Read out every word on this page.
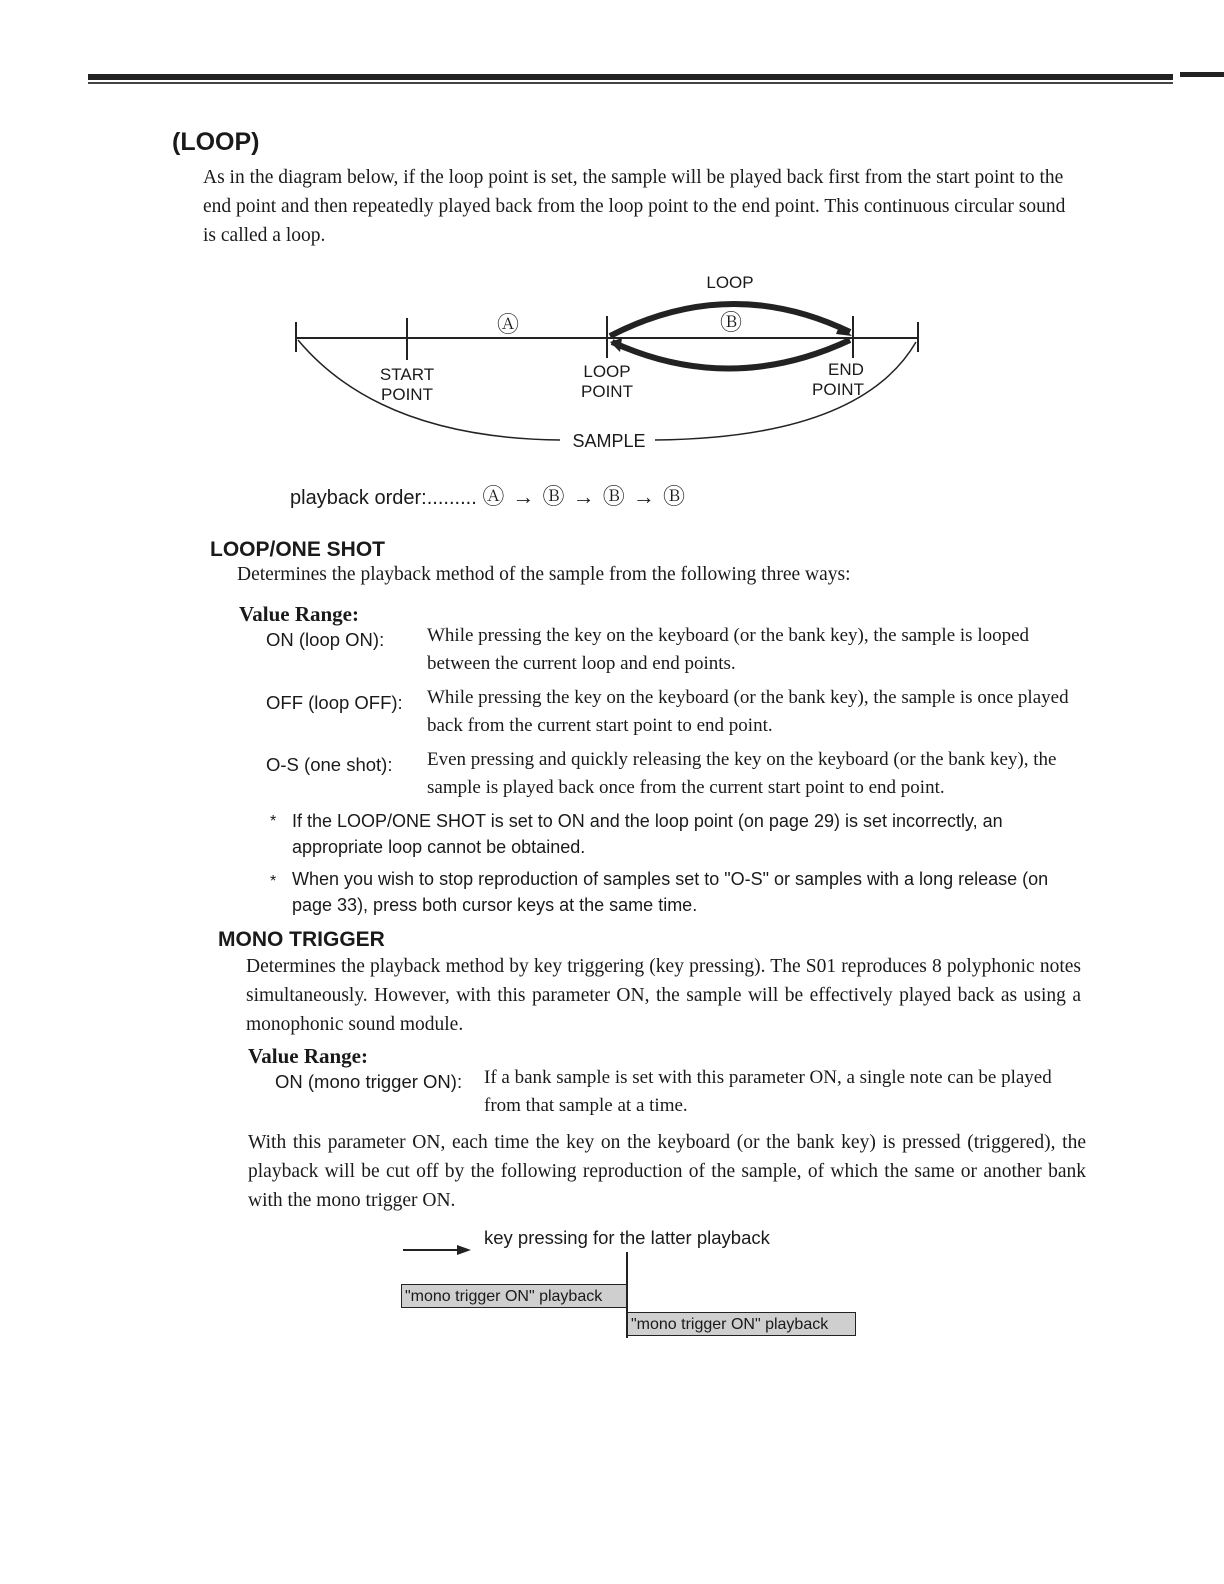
(LOOP)
As in the diagram below, if the loop point is set, the sample will be played back first from the start point to the end point and then repeatedly played back from the loop point to the end point. This continuous circular sound is called a loop.
LOOP
Ⓐ	Ⓑ
START
POINT
LOOP
POINT
END
POINT
SAMPLE
playback order:......... Ⓐ → Ⓑ → Ⓑ → Ⓑ
LOOP/ONE SHOT
Determines the playback method of the sample from the following three ways:
Value Range:
ON (loop ON): While pressing the key on the keyboard (or the bank key), the sample is looped between the current loop and end points.
OFF (loop OFF): While pressing the key on the keyboard (or the bank key), the sample is once played back from the current start point to end point.
O-S (one shot): Even pressing and quickly releasing the key on the keyboard (or the bank key), the sample is played back once from the current start point to end point.
* If the LOOP/ONE SHOT is set to ON and the loop point (on page 29) is set incorrectly, an appropriate loop cannot be obtained.
* When you wish to stop reproduction of samples set to "O-S" or samples with a long release (on page 33), press both cursor keys at the same time.
MONO TRIGGER
Determines the playback method by key triggering (key pressing). The S01 reproduces 8 polyphonic notes simultaneously. However, with this parameter ON, the sample will be effectively played back as using a monophonic sound module.
Value Range:
ON (mono trigger ON): If a bank sample is set with this parameter ON, a single note can be played from that sample at a time.
With this parameter ON, each time the key on the keyboard (or the bank key) is pressed (triggered), the playback will be cut off by the following reproduction of the sample, of which the same or another bank with the mono trigger ON.
key pressing for the latter playback
"mono trigger ON" playback
"mono trigger ON" playback
